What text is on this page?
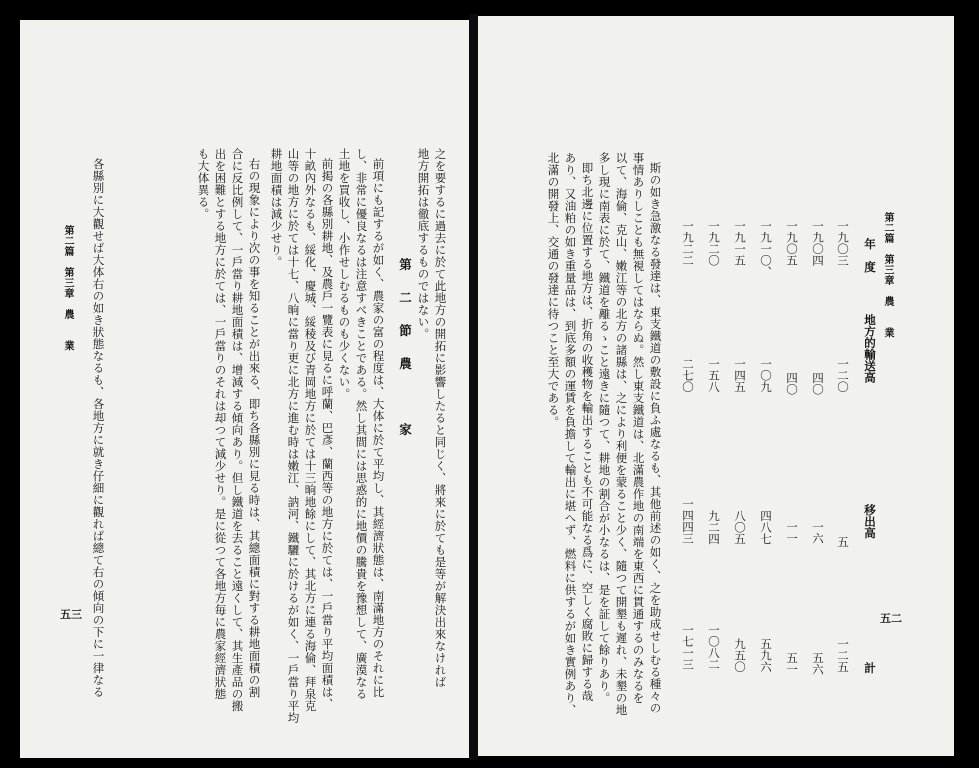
之を要するに過去に於て此地方の開拓に影響したると同じく、將來に於ても是等が解決出來なければ
地方開拓は徹底するものではない。
第　二　節　農　　　家
前項にも記するが如く、農家の富の程度は、大体に於て平均し、其經濟狀態は、南滿地方のそれに比
し、非常に優良なるは注意すべきことである。然し其間には思惑的に地價の騰貴を豫想して、廣漠なる
土地を買收し、小作せしむるものも少くない。
前掲の各縣別耕地、及農戶一覽表に見るに呼蘭、巴彥、蘭西等の地方に於ては、一戶當り平均面積は、
十畝內外なるも、綏化、慶城、綏稜及び青岡地方に於ては十三晌地餘にして、其北方に連る海倫、拜泉克
山等の地方に於ては十七、八晌に當り更に北方に進む時は嫩江、訥河、鐵驪に於けるが如く、一戶當り平均
耕地面積は減少せり。
右の現象により次の事を知ることが出來る、即ち各縣別に見る時は、其總面積に對する耕地面積の割
合に反比例して、一戶當り耕地面積は、增減する傾向あり。但し鐵道を去ること遠くして、其生產品の搬
出を困難とする地方に於ては、一戶當りのそれは却つて減少せり。是に從つて各地方毎に農家經濟狀態
も大体異る。
各縣別に大觀せば大体右の如き狀態なるも、各地方に就き仔細に觀れば總て右の傾向の下に一律なる
第二篇　第三章　農　　業
五三
第二篇　第三章　農　　業
五二
年　度
地方的輸送高
移出高
計
一九〇三
一二〇
五
一二五
一九〇四
四〇
一六
五六
一九〇五
四〇
一一
五一
一九一〇、
一〇九
四八七
五九六
一九一五
一四五
八〇五
九五〇
一九二〇
一五八
九二四
一〇八二
一九二二
二七〇
一四四三
一七一三
斯の如き急激なる發達は、東支鐵道の敷設に負ふ處なるも、其他前述の如く、之を助成せしむる種々の
事情ありしことも無視してはならぬ。然し東支鐵道は、北滿農作地の南端を東西に貫通するのみなるを
以て、海倫、克山、嫩江等の北方の諸縣は、之により利便を蒙ること少く、隨つて開墾も遲れ、未墾の地
多し現に南表に於て、鐵道を離るゝこと遠きに隨つて、耕地の割合が小なるは、是を証して餘りあり。
即ち北邊に位置する地方は、折角の收穫物を輸出することも不可能なる爲に、空しく腐敗に歸する哉
あり、又油粕の如き重量品は、到底多額の運賃を負擔して輸出に堪へず、燃料に供するが如き實例あり、
北滿の開發上、交通の發達に待つこと至大である。
